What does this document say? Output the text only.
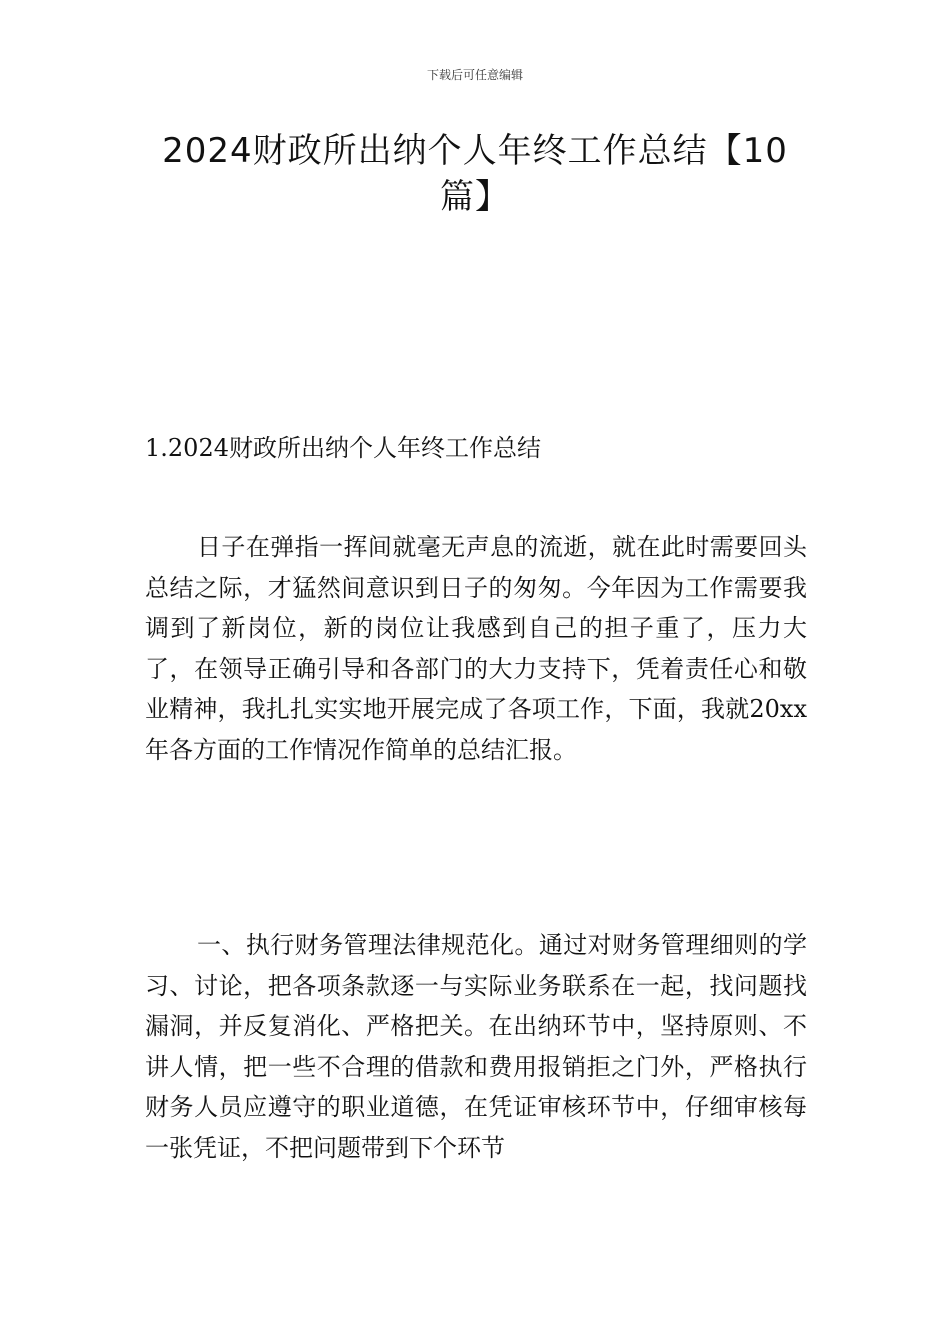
下载后可任意编辑
2024财政所出纳个人年终工作总结【10篇】
1.2024财政所出纳个人年终工作总结

日子在弹指一挥间就毫无声息的流逝，就在此时需要回头总结之际，才猛然间意识到日子的匆匆。今年因为工作需要我调到了新岗位，新的岗位让我感到自己的担子重了，压力大了，在领导正确引导和各部门的大力支持下，凭着责任心和敬业精神，我扎扎实实地开展完成了各项工作，下面，我就20xx年各方面的工作情况作简单的总结汇报。

一、执行财务管理法律规范化。通过对财务管理细则的学习、讨论，把各项条款逐一与实际业务联系在一起，找问题找漏洞，并反复消化、严格把关。在出纳环节中，坚持原则、不讲人情，把一些不合理的借款和费用报销拒之门外，严格执行财务人员应遵守的职业道德，在凭证审核环节中，仔细审核每一张凭证，不把问题带到下个环节
